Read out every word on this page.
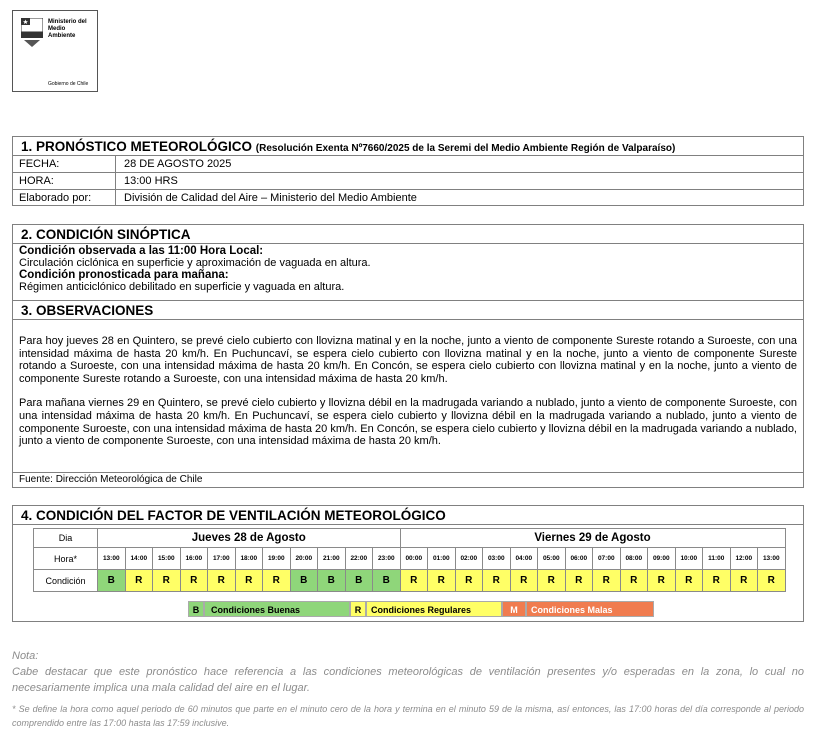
Ministerio del
Medio
Ambiente
Gobierno de Chile
1. PRONÓSTICO METEOROLÓGICO (Resolución Exenta Nº7660/2025 de la Seremi del Medio Ambiente Región de Valparaíso)
FECHA:	28 DE AGOSTO 2025
HORA:	13:00 HRS
Elaborado por:	División de Calidad del Aire – Ministerio del Medio Ambiente
2. CONDICIÓN SINÓPTICA
Condición observada a las 11:00 Hora Local:
Circulación ciclónica en superficie y aproximación de vaguada en altura.
Condición pronosticada para mañana:
Régimen anticiclónico debilitado en superficie y vaguada en altura.
3. OBSERVACIONES
Para hoy jueves 28 en Quintero, se prevé cielo cubierto con llovizna matinal y en la noche, junto a viento de componente Sureste rotando a Suroeste, con una intensidad máxima de hasta 20 km/h. En Puchuncaví, se espera cielo cubierto con llovizna matinal y en la noche, junto a viento de componente Sureste rotando a Suroeste, con una intensidad máxima de hasta 20 km/h. En Concón, se espera cielo cubierto con llovizna matinal y en la noche, junto a viento de componente Sureste rotando a Suroeste, con una intensidad máxima de hasta 20 km/h.
Para mañana viernes 29 en Quintero, se prevé cielo cubierto y llovizna débil en la madrugada variando a nublado, junto a viento de componente Suroeste, con una intensidad máxima de hasta 20 km/h. En Puchuncaví, se espera cielo cubierto y llovizna débil en la madrugada variando a nublado, junto a viento de componente Suroeste, con una intensidad máxima de hasta 20 km/h. En Concón, se espera cielo cubierto y llovizna débil en la madrugada variando a nublado, junto a viento de componente Suroeste, con una intensidad máxima de hasta 20 km/h.
Fuente: Dirección Meteorológica de Chile
4. CONDICIÓN DEL FACTOR DE VENTILACIÓN METEOROLÓGICO
Dia	Jueves 28 de Agosto											Viernes 29 de Agosto													
Hora*	13:00	14:00	15:00	16:00	17:00	18:00	19:00	20:00	21:00	22:00	23:00	00:00	01:00	02:00	03:00	04:00	05:00	06:00	07:00	08:00	09:00	10:00	11:00	12:00	13:00
Condición	B	R	R	R	R	R	R	B	B	B	B	R	R	R	R	R	R	R	R	R	R	R	R	R	R
B	Condiciones Buenas	R	Condiciones Regulares	M	Condiciones Malas
Nota:
Cabe destacar que este pronóstico hace referencia a las condiciones meteorológicas de ventilación presentes y/o esperadas en la zona, lo cual no necesariamente implica una mala calidad del aire en el lugar.
* Se define la hora como aquel periodo de 60 minutos que parte en el minuto cero de la hora y termina en el minuto 59 de la misma, así entonces, las 17:00 horas del día corresponde al periodo comprendido entre las 17:00 hasta las 17:59 inclusive.
